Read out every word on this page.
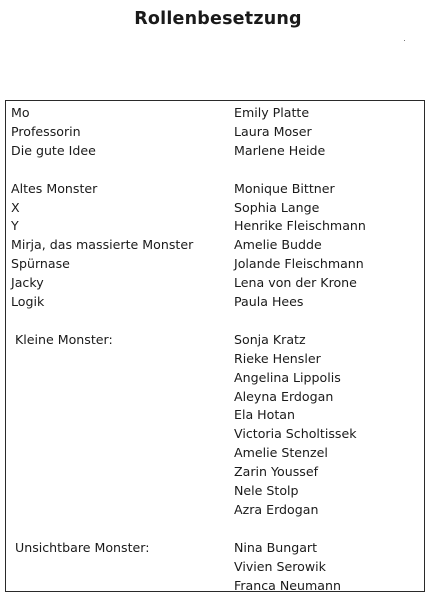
Rollenbesetzung
Mo	Emily Platte
Professorin	Laura Moser
Die gute Idee	Marlene Heide
Altes Monster	Monique Bittner
X	Sophia Lange
Y	Henrike Fleischmann
Mirja, das massierte Monster	Amelie Budde
Spürnase	Jolande Fleischmann
Jacky	Lena von der Krone
Logik	Paula Hees
Kleine Monster:	Sonja Kratz
Rieke Hensler
Angelina Lippolis
Aleyna Erdogan
Ela Hotan
Victoria Scholtissek
Amelie Stenzel
Zarin Youssef
Nele Stolp
Azra Erdogan
Unsichtbare Monster:	Nina Bungart
Vivien Serowik
Franca Neumann
